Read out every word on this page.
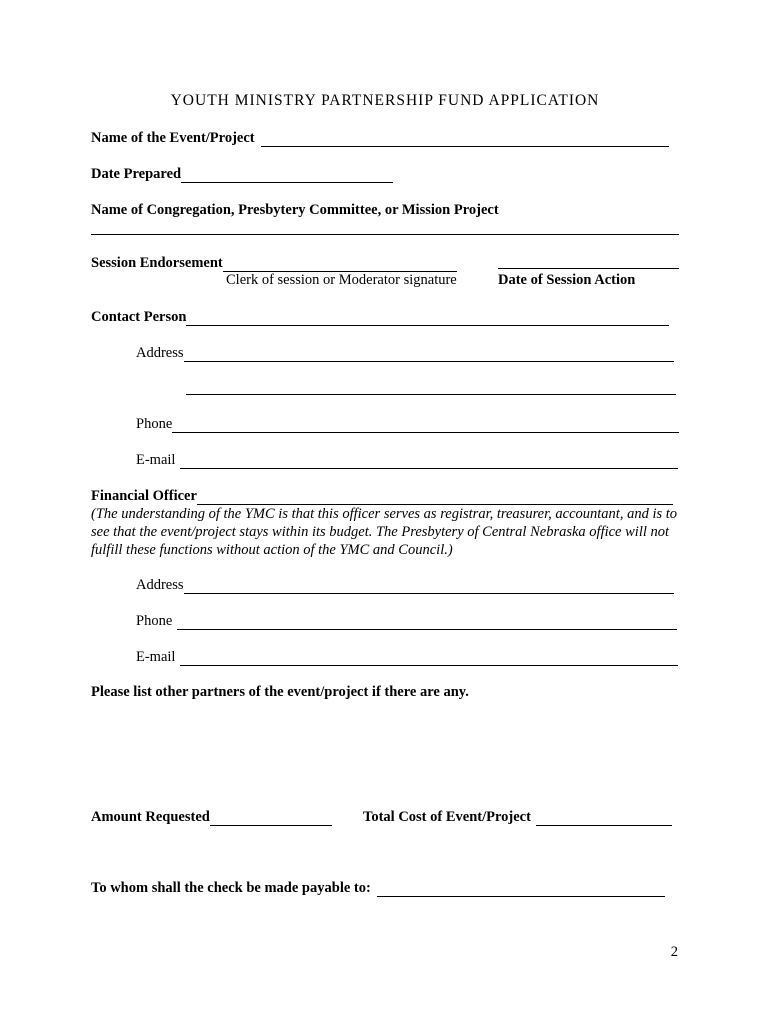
YOUTH MINISTRY PARTNERSHIP FUND APPLICATION
Name of the Event/Project
Date Prepared
Name of Congregation, Presbytery Committee, or Mission Project
Session Endorsement
Clerk of session or Moderator signature	Date of Session Action
Contact Person
Address
Phone
E-mail
Financial Officer
(The understanding of the YMC is that this officer serves as registrar, treasurer, accountant, and is to see that the event/project stays within its budget. The Presbytery of Central Nebraska office will not fulfill these functions without action of the YMC and Council.)
Address
Phone
E-mail
Please list other partners of the event/project if there are any.
Amount Requested	Total Cost of Event/Project
To whom shall the check be made payable to:
2
